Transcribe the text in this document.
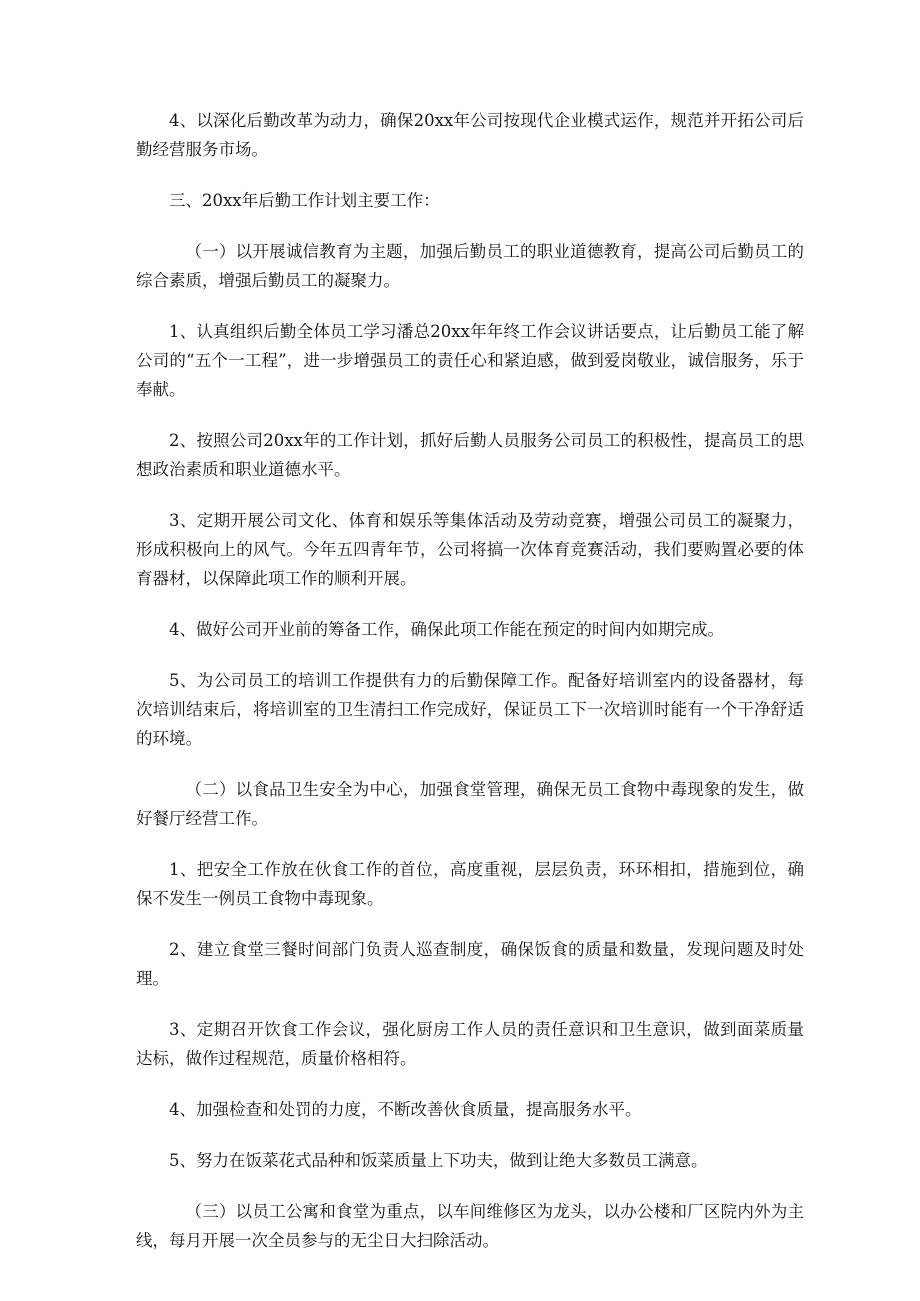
4、以深化后勤改革为动力，确保20xx年公司按现代企业模式运作，规范并开拓公司后勤经营服务市场。

三、20xx年后勤工作计划主要工作：

（一）以开展诚信教育为主题，加强后勤员工的职业道德教育，提高公司后勤员工的综合素质，增强后勤员工的凝聚力。

1、认真组织后勤全体员工学习潘总20xx年年终工作会议讲话要点，让后勤员工能了解公司的“五个一工程”，进一步增强员工的责任心和紧迫感，做到爱岗敬业，诚信服务，乐于奉献。

2、按照公司20xx年的工作计划，抓好后勤人员服务公司员工的积极性，提高员工的思想政治素质和职业道德水平。

3、定期开展公司文化、体育和娱乐等集体活动及劳动竞赛，增强公司员工的凝聚力，形成积极向上的风气。今年五四青年节，公司将搞一次体育竞赛活动，我们要购置必要的体育器材，以保障此项工作的顺利开展。

4、做好公司开业前的筹备工作，确保此项工作能在预定的时间内如期完成。

5、为公司员工的培训工作提供有力的后勤保障工作。配备好培训室内的设备器材，每次培训结束后，将培训室的卫生清扫工作完成好，保证员工下一次培训时能有一个干净舒适的环境。

（二）以食品卫生安全为中心，加强食堂管理，确保无员工食物中毒现象的发生，做好餐厅经营工作。

1、把安全工作放在伙食工作的首位，高度重视，层层负责，环环相扣，措施到位，确保不发生一例员工食物中毒现象。

2、建立食堂三餐时间部门负责人巡查制度，确保饭食的质量和数量，发现问题及时处理。

3、定期召开饮食工作会议，强化厨房工作人员的责任意识和卫生意识，做到面菜质量达标，做作过程规范，质量价格相符。

4、加强检查和处罚的力度，不断改善伙食质量，提高服务水平。

5、努力在饭菜花式品种和饭菜质量上下功夫，做到让绝大多数员工满意。

（三）以员工公寓和食堂为重点，以车间维修区为龙头，以办公楼和厂区院内外为主线，每月开展一次全员参与的无尘日大扫除活动。
